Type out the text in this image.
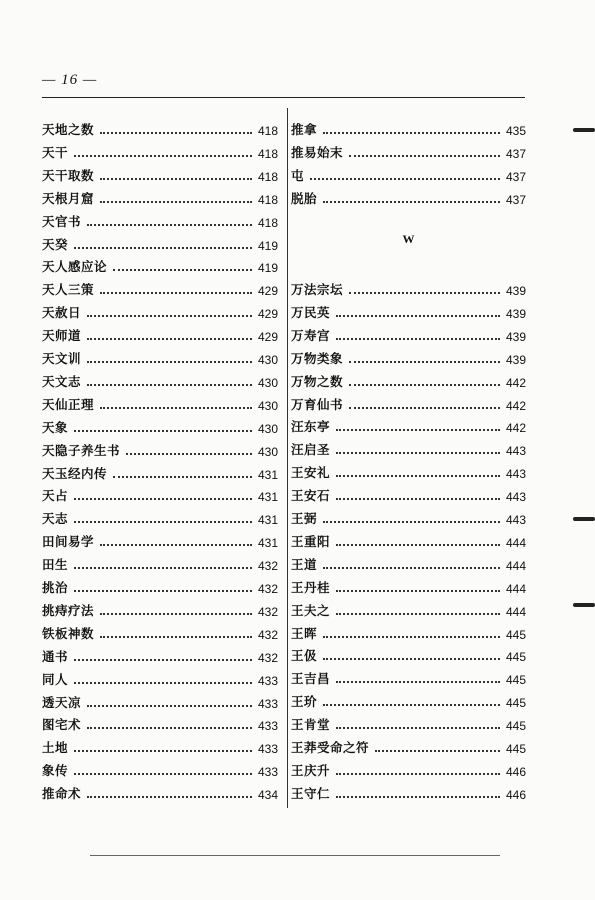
— 16 —
天地之数	418
天干	418
天干取数	418
天根月窟	418
天官书	418
天癸	419
天人感应论	419
天人三策	429
天赦日	429
天师道	429
天文训	430
天文志	430
天仙正理	430
天象	430
天隐子养生书	430
天玉经内传	431
天占	431
天志	431
田间易学	431
田生	432
挑治	432
挑痔疗法	432
铁板神数	432
通书	432
同人	433
透天凉	433
图宅术	433
土地	433
象传	433
推命术	434
W
推拿	435
推易始末	437
屯	437
脱胎	437
万法宗坛	439
万民英	439
万寿宫	439
万物类象	439
万物之数	442
万育仙书	442
汪东亭	442
汪启圣	443
王安礼	443
王安石	443
王弼	443
王重阳	444
王道	444
王丹桂	444
王夫之	444
王晖	445
王伋	445
王吉昌	445
王玠	445
王肯堂	445
王莽受命之符	445
王庆升	446
王守仁	446
